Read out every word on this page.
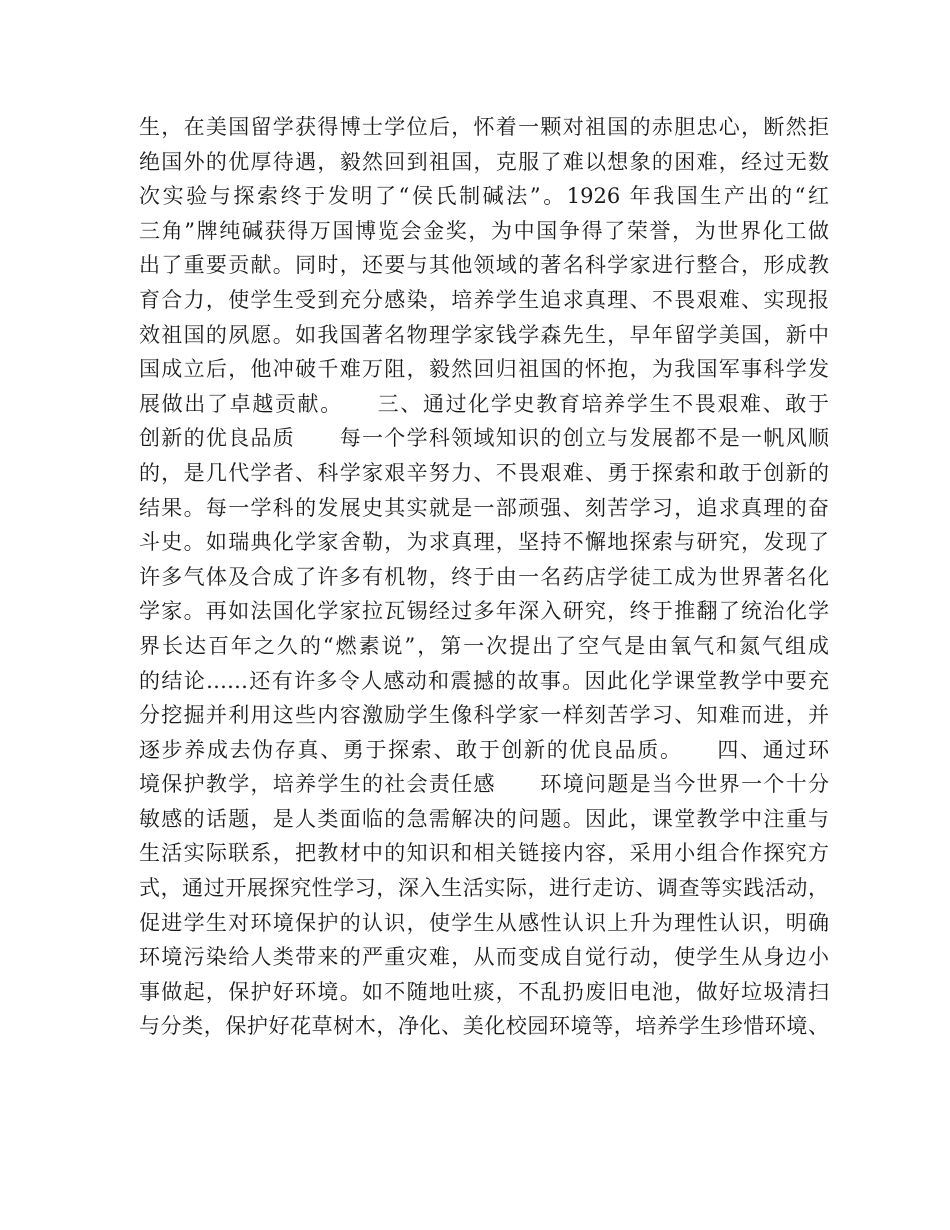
生，在美国留学获得博士学位后，怀着一颗对祖国的赤胆忠心，断然拒
绝国外的优厚待遇，毅然回到祖国，克服了难以想象的困难，经过无数
次实验与探索终于发明了“侯氏制碱法”。1926 年我国生产出的“红
三角”牌纯碱获得万国博览会金奖，为中国争得了荣誉，为世界化工做
出了重要贡献。同时，还要与其他领域的著名科学家进行整合，形成教
育合力，使学生受到充分感染，培养学生追求真理、不畏艰难、实现报
效祖国的夙愿。如我国著名物理学家钱学森先生，早年留学美国，新中
国成立后，他冲破千难万阻，毅然回归祖国的怀抱，为我国军事科学发
展做出了卓越贡献。　　三、通过化学史教育培养学生不畏艰难、敢于
创新的优良品质　　每一个学科领域知识的创立与发展都不是一帆风顺
的，是几代学者、科学家艰辛努力、不畏艰难、勇于探索和敢于创新的
结果。每一学科的发展史其实就是一部顽强、刻苦学习，追求真理的奋
斗史。如瑞典化学家舍勒，为求真理，坚持不懈地探索与研究，发现了
许多气体及合成了许多有机物，终于由一名药店学徒工成为世界著名化
学家。再如法国化学家拉瓦锡经过多年深入研究，终于推翻了统治化学
界长达百年之久的“燃素说”，第一次提出了空气是由氧气和氮气组成
的结论……还有许多令人感动和震撼的故事。因此化学课堂教学中要充
分挖掘并利用这些内容激励学生像科学家一样刻苦学习、知难而进，并
逐步养成去伪存真、勇于探索、敢于创新的优良品质。　　四、通过环
境保护教学，培养学生的社会责任感　　环境问题是当今世界一个十分
敏感的话题，是人类面临的急需解决的问题。因此，课堂教学中注重与
生活实际联系，把教材中的知识和相关链接内容，采用小组合作探究方
式，通过开展探究性学习，深入生活实际，进行走访、调查等实践活动，
促进学生对环境保护的认识，使学生从感性认识上升为理性认识，明确
环境污染给人类带来的严重灾难，从而变成自觉行动，使学生从身边小
事做起，保护好环境。如不随地吐痰，不乱扔废旧电池，做好垃圾清扫
与分类，保护好花草树木，净化、美化校园环境等，培养学生珍惜环境、
